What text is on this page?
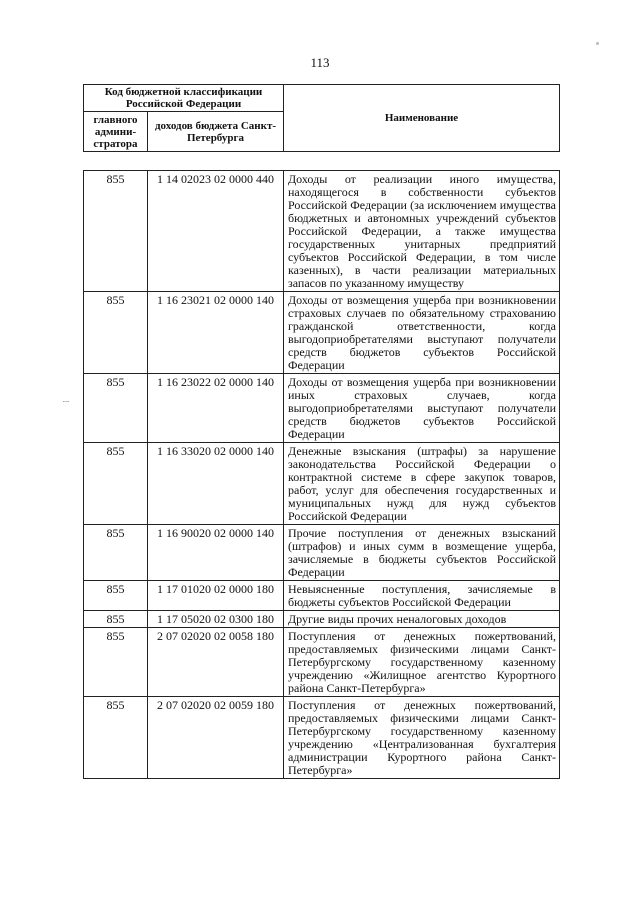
113
⁞
Код бюджетной классификации Российской Федерации		Наименование
главного админи-стратора	доходов бюджета Санкт-Петербурга	
855	1 14 02023 02 0000 440	Доходы от реализации иного имущества, находящегося в собственности субъектов Российской Федерации (за исключением имущества бюджетных и автономных учреждений субъектов Российской Федерации, а также имущества государственных унитарных предприятий субъектов Российской Федерации, в том числе казенных), в части реализации материальных запасов по указанному имуществу
855	1 16 23021 02 0000 140	Доходы от возмещения ущерба при возникновении страховых случаев по обязательному страхованию гражданской ответственности, когда выгодоприобретателями выступают получатели средств бюджетов субъектов Российской Федерации
855	1 16 23022 02 0000 140	Доходы от возмещения ущерба при возникновении иных страховых случаев, когда выгодоприобретателями выступают получатели средств бюджетов субъектов Российской Федерации
855	1 16 33020 02 0000 140	Денежные взыскания (штрафы) за нарушение законодательства Российской Федерации о контрактной системе в сфере закупок товаров, работ, услуг для обеспечения государственных и муниципальных нужд для нужд субъектов Российской Федерации
855	1 16 90020 02 0000 140	Прочие поступления от денежных взысканий (штрафов) и иных сумм в возмещение ущерба, зачисляемые в бюджеты субъектов Российской Федерации
855	1 17 01020 02 0000 180	Невыясненные поступления, зачисляемые в бюджеты субъектов Российской Федерации
855	1 17 05020 02 0300 180	Другие виды прочих неналоговых доходов
855	2 07 02020 02 0058 180	Поступления от денежных пожертвований, предоставляемых физическими лицами Санкт-Петербургскому государственному казенному учреждению «Жилищное агентство Курортного района Санкт-Петербурга»
855	2 07 02020 02 0059 180	Поступления от денежных пожертвований, предоставляемых физическими лицами Санкт-Петербургскому государственному казенному учреждению «Централизованная бухгалтерия администрации Курортного района Санкт-Петербурга»
